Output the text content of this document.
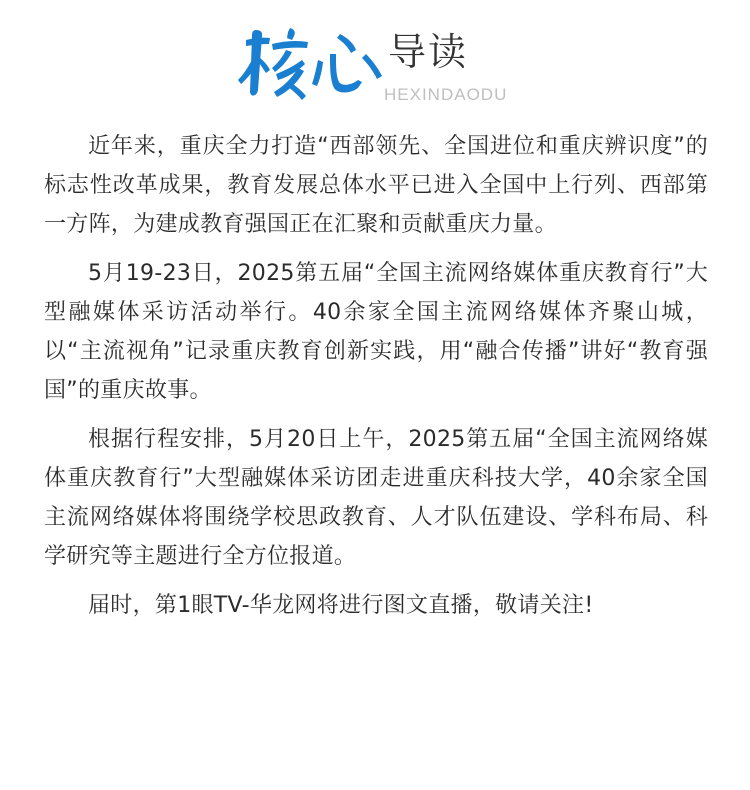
导读
HEXINDAODU

近年来，重庆全力打造“西部领先、全国进位和重庆辨识度”的标志性改革成果，教育发展总体水平已进入全国中上行列、西部第一方阵，为建成教育强国正在汇聚和贡献重庆力量。

5月19-23日，2025第五届“全国主流网络媒体重庆教育行”大型融媒体采访活动举行。40余家全国主流网络媒体齐聚山城，以“主流视角”记录重庆教育创新实践，用“融合传播”讲好“教育强国”的重庆故事。

根据行程安排，5月20日上午，2025第五届“全国主流网络媒体重庆教育行”大型融媒体采访团走进重庆科技大学，40余家全国主流网络媒体将围绕学校思政教育、人才队伍建设、学科布局、科学研究等主题进行全方位报道。

届时，第1眼TV-华龙网将进行图文直播，敬请关注!
